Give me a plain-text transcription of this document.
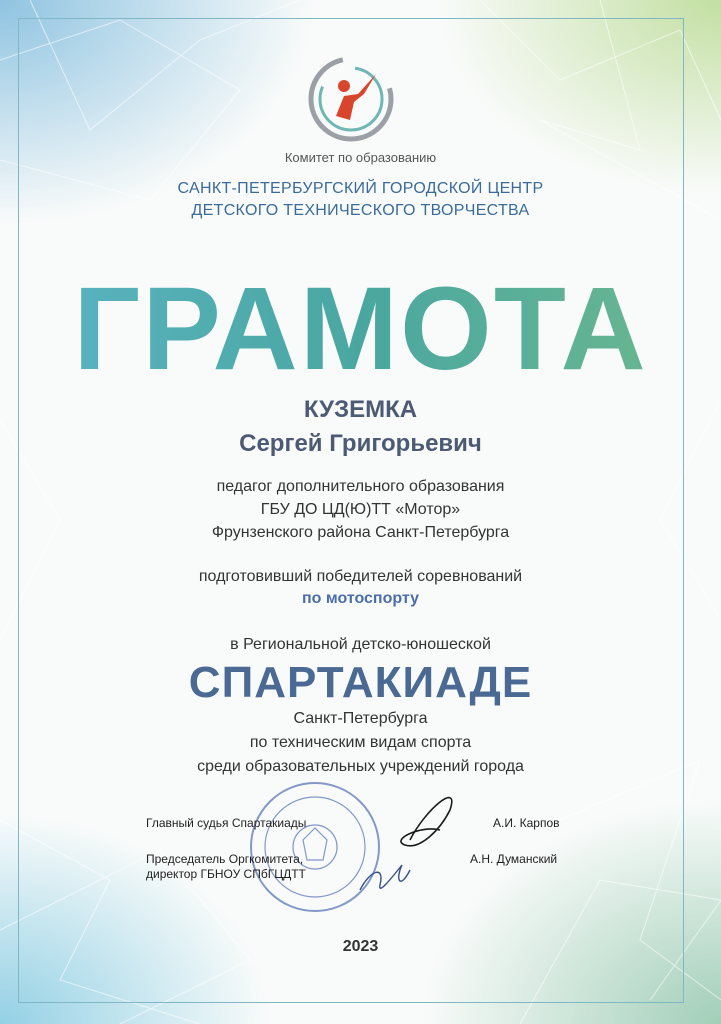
Комитет по образованию
САНКТ-ПЕТЕРБУРГСКИЙ ГОРОДСКОЙ ЦЕНТР
ДЕТСКОГО ТЕХНИЧЕСКОГО ТВОРЧЕСТВА
ГРАМОТА
КУЗЕМКА
Сергей Григорьевич
педагог дополнительного образования
ГБУ ДО ЦД(Ю)ТТ «Мотор»
Фрунзенского района Санкт-Петербурга
подготовивший победителей соревнований
по мотоспорту
в Региональной детско-юношеской
СПАРТАКИАДЕ
Санкт-Петербурга
по техническим видам спорта
среди образовательных учреждений города
Главный судья Спартакиады	А.И. Карпов
Председатель Оргкомитета,
директор ГБНОУ СПбГЦДТТ
А.Н. Думанский
2023
